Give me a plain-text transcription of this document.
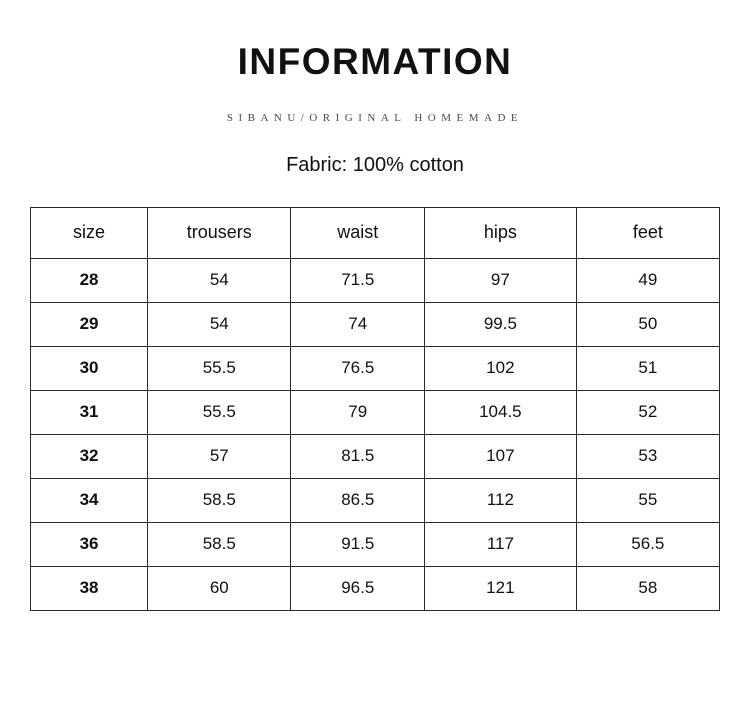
INFORMATION
SIBANU/ORIGINAL HOMEMADE
Fabric: 100% cotton
size	trousers	waist	hips	feet
28	54	71.5	97	49
29	54	74	99.5	50
30	55.5	76.5	102	51
31	55.5	79	104.5	52
32	57	81.5	107	53
34	58.5	86.5	112	55
36	58.5	91.5	117	56.5
38	60	96.5	121	58
